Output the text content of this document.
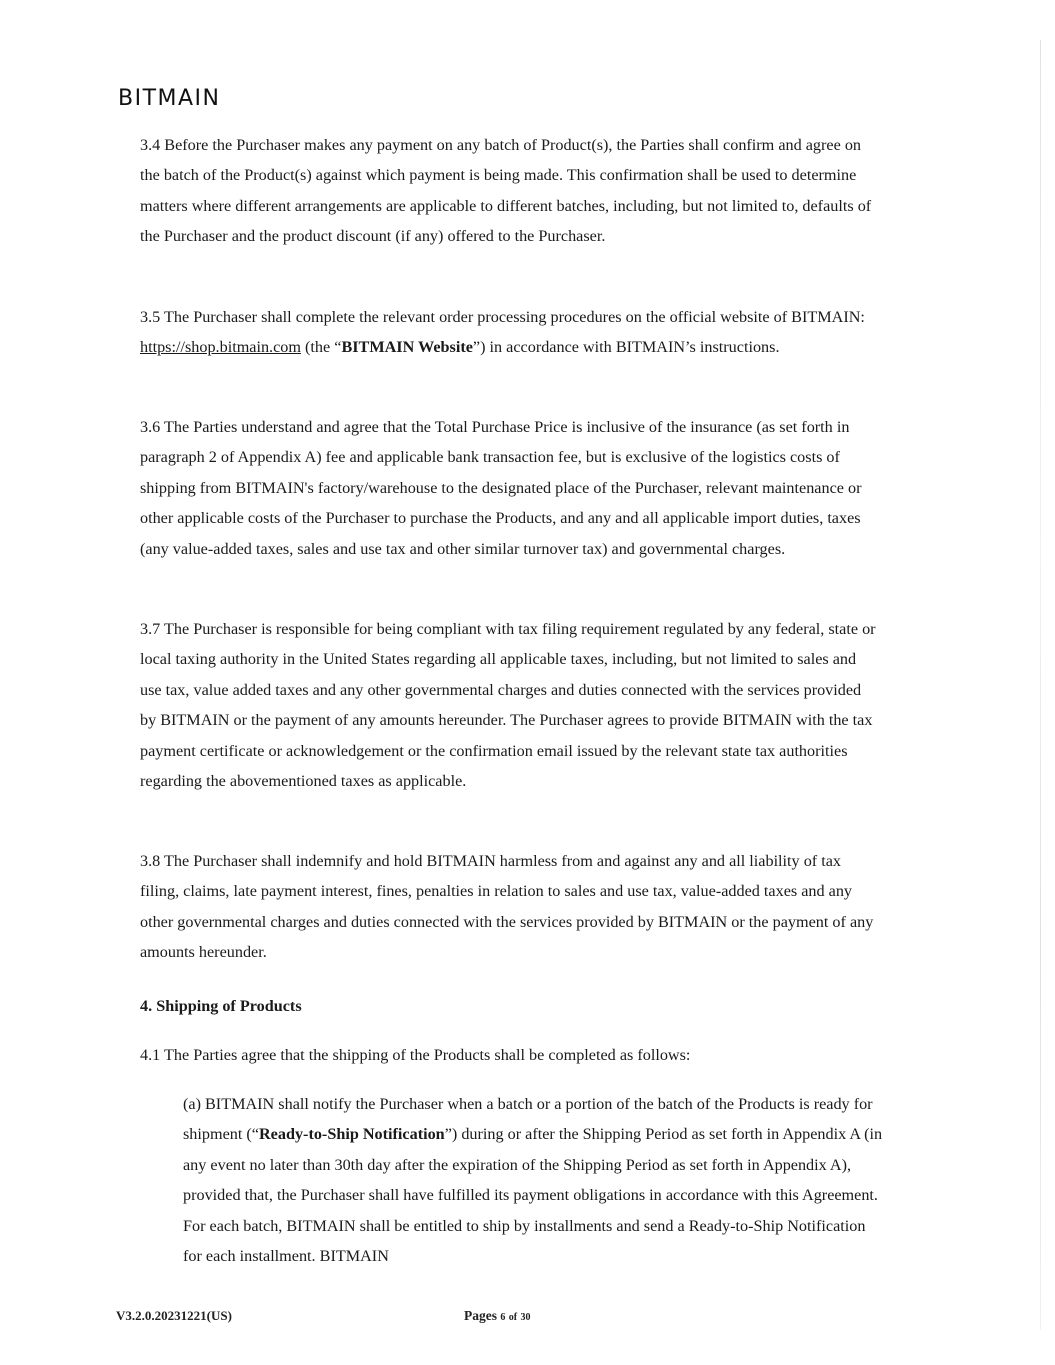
BITMAIN

3.4 Before the Purchaser makes any payment on any batch of Product(s), the Parties shall confirm and agree on the batch of the Product(s) against which payment is being made. This confirmation shall be used to determine matters where different arrangements are applicable to different batches, including, but not limited to, defaults of the Purchaser and the product discount (if any) offered to the Purchaser.

3.5 The Purchaser shall complete the relevant order processing procedures on the official website of BITMAIN: https://shop.bitmain.com (the “BITMAIN Website”) in accordance with BITMAIN’s instructions.

3.6 The Parties understand and agree that the Total Purchase Price is inclusive of the insurance (as set forth in paragraph 2 of Appendix A) fee and applicable bank transaction fee, but is exclusive of the logistics costs of shipping from BITMAIN's factory/warehouse to the designated place of the Purchaser, relevant maintenance or other applicable costs of the Purchaser to purchase the Products, and any and all applicable import duties, taxes (any value-added taxes, sales and use tax and other similar turnover tax) and governmental charges.

3.7 The Purchaser is responsible for being compliant with tax filing requirement regulated by any federal, state or local taxing authority in the United States regarding all applicable taxes, including, but not limited to sales and use tax, value added taxes and any other governmental charges and duties connected with the services provided by BITMAIN or the payment of any amounts hereunder. The Purchaser agrees to provide BITMAIN with the tax payment certificate or acknowledgement or the confirmation email issued by the relevant state tax authorities regarding the abovementioned taxes as applicable.

3.8 The Purchaser shall indemnify and hold BITMAIN harmless from and against any and all liability of tax filing, claims, late payment interest, fines, penalties in relation to sales and use tax, value-added taxes and any other governmental charges and duties connected with the services provided by BITMAIN or the payment of any amounts hereunder.

4. Shipping of Products

4.1 The Parties agree that the shipping of the Products shall be completed as follows:

(a) BITMAIN shall notify the Purchaser when a batch or a portion of the batch of the Products is ready for shipment (“Ready-to-Ship Notification”) during or after the Shipping Period as set forth in Appendix A (in any event no later than 30th day after the expiration of the Shipping Period as set forth in Appendix A), provided that, the Purchaser shall have fulfilled its payment obligations in accordance with this Agreement. For each batch, BITMAIN shall be entitled to ship by installments and send a Ready-to-Ship Notification for each installment. BITMAIN

V3.2.0.20231221(US)	Pages 6 of 30
